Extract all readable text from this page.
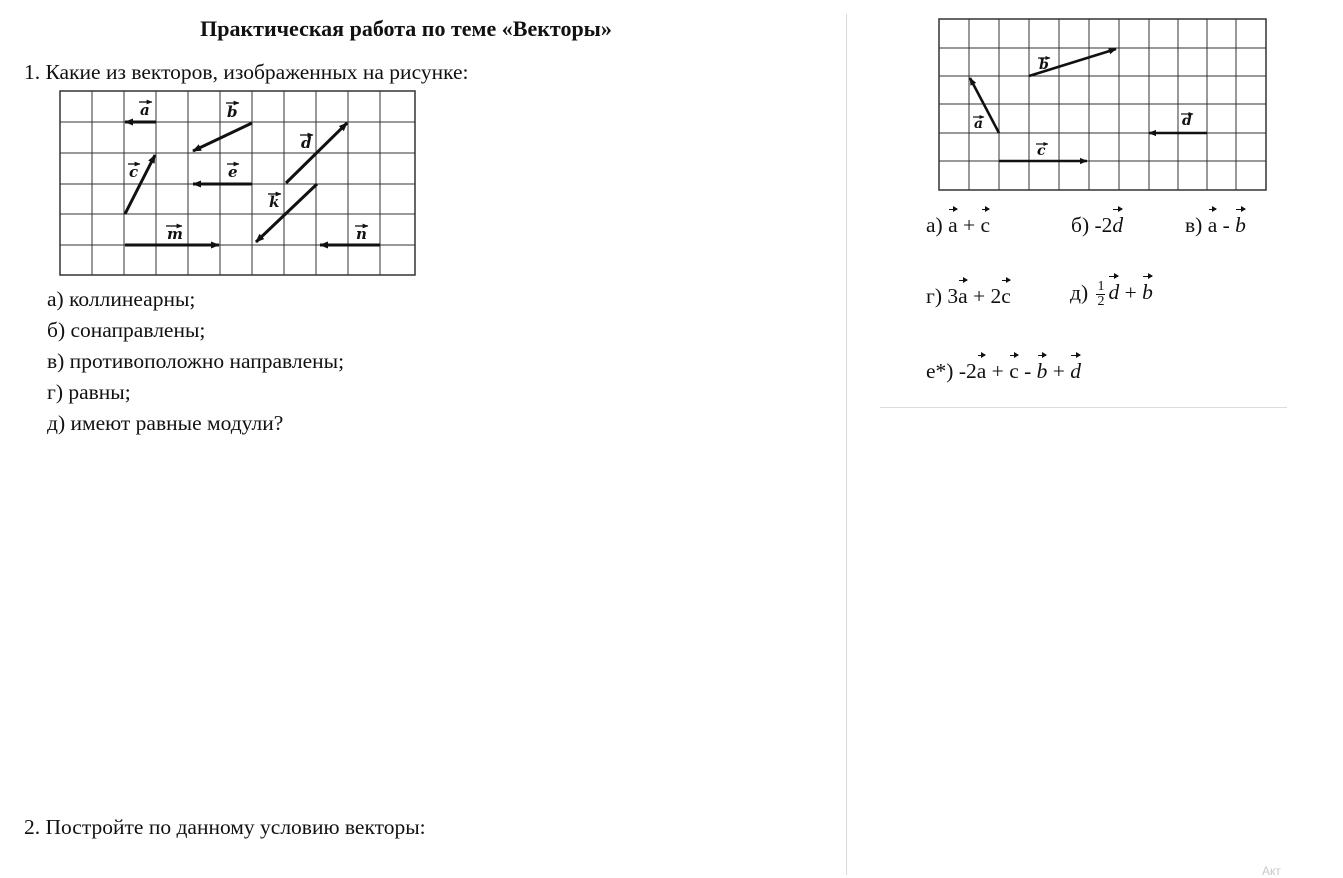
Практическая работа по теме «Векторы»
1. Какие из векторов, изображенных на рисунке:
a	b
c
d
e
k
m	n
а) коллинеарны;
б) сонаправлены;
в) противоположно направлены;
г) равны;
д) имеют равные модули?
2. Постройте по данному условию векторы:
b
a	d
c
а) a + c	б) -2d	в) a - b
г) 3a + 2c	$д) \frac{1}{2}$ d + b
е*) -2a + c - b + d
Акт
